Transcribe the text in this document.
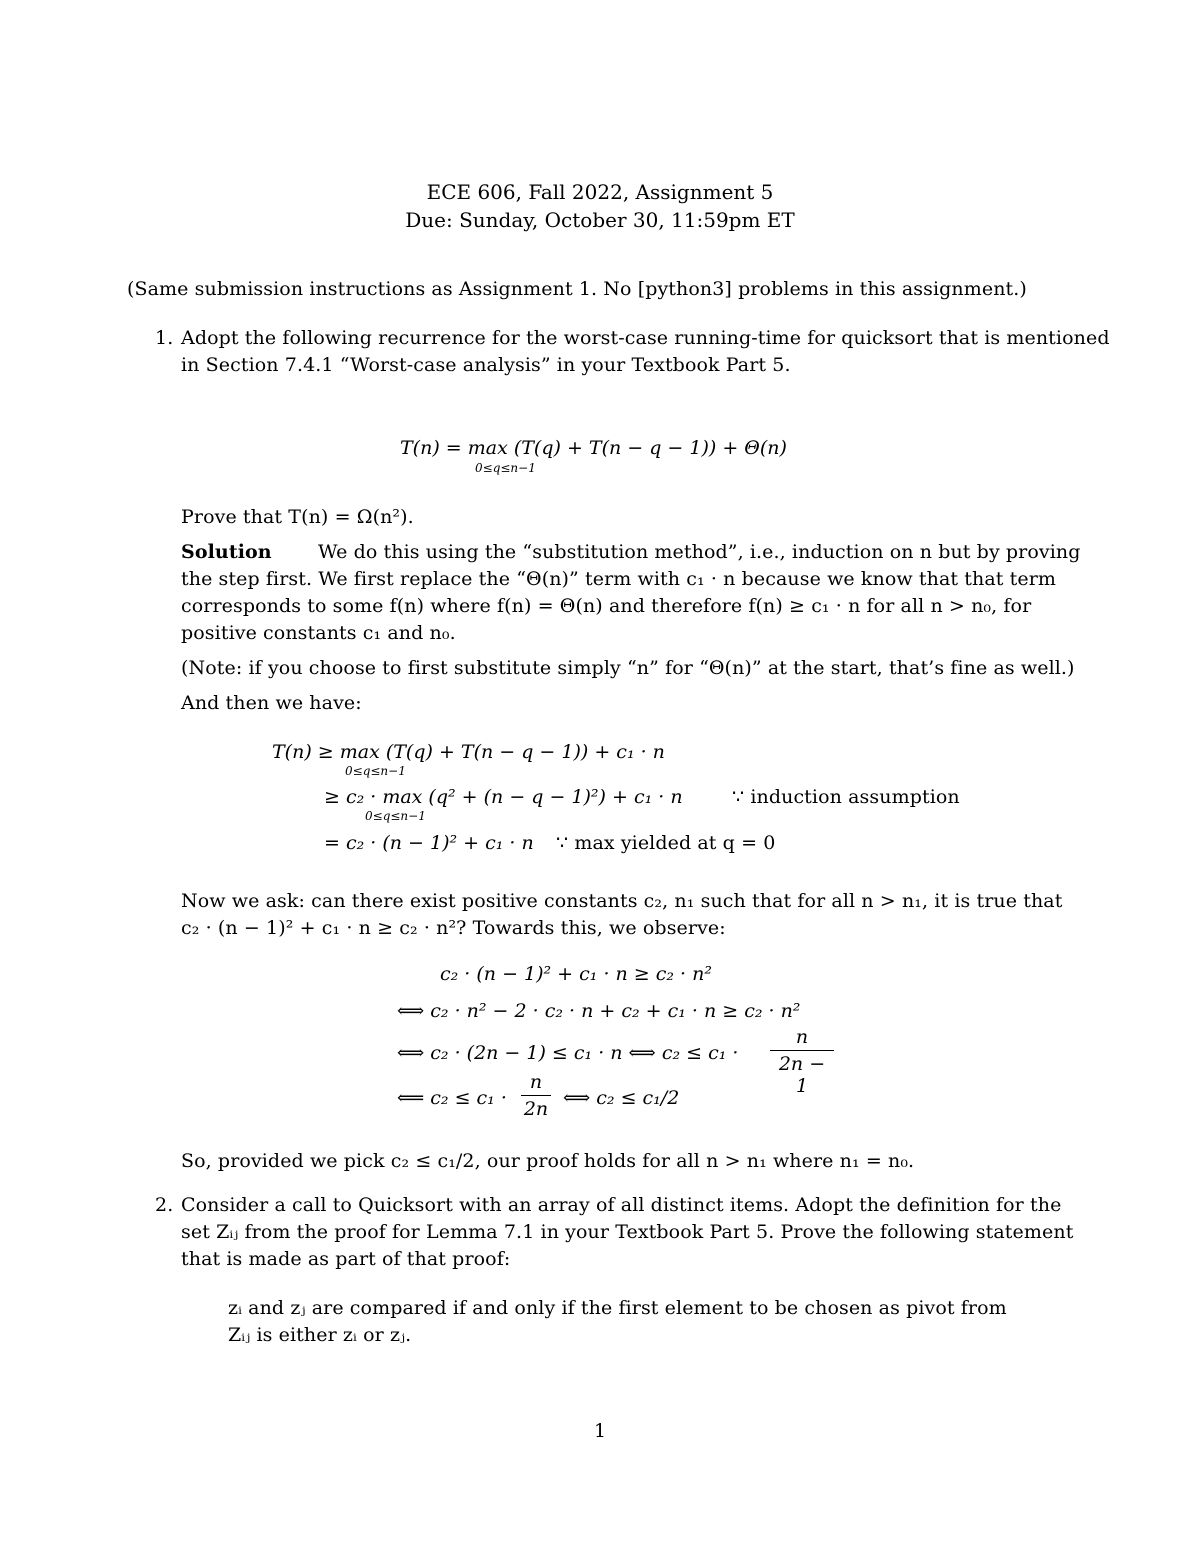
ECE 606, Fall 2022, Assignment 5
Due: Sunday, October 30, 11:59pm ET
(Same submission instructions as Assignment 1. No [python3] problems in this assignment.)
1. Adopt the following recurrence for the worst-case running-time for quicksort that is mentioned
in Section 7.4.1 “Worst-case analysis” in your Textbook Part 5.
T(n) = max (T(q) + T(n − q − 1)) + Θ(n)
0≤q≤n−1
Prove that T(n) = Ω(n²).
Solution We do this using the “substitution method”, i.e., induction on n but by proving
the step first. We first replace the “Θ(n)” term with c₁ · n because we know that that term
corresponds to some f(n) where f(n) = Θ(n) and therefore f(n) ≥ c₁ · n for all n > n₀, for
positive constants c₁ and n₀.
(Note: if you choose to first substitute simply “n” for “Θ(n)” at the start, that’s fine as well.)
And then we have:
T(n) ≥ max (T(q) + T(n − q − 1)) + c₁ · n
0≤q≤n−1
≥ c₂ · max (q² + (n − q − 1)²) + c₁ · n
0≤q≤n−1
∵ induction assumption
= c₂ · (n − 1)² + c₁ · n ∵ max yielded at q = 0
Now we ask: can there exist positive constants c₂, n₁ such that for all n > n₁, it is true that
c₂ · (n − 1)² + c₁ · n ≥ c₂ · n²? Towards this, we observe:
c₂ · (n − 1)² + c₁ · n ≥ c₂ · n²
⟺ c₂ · n² − 2 · c₂ · n + c₂ + c₁ · n ≥ c₂ · n²
⟺ c₂ · (2n − 1) ≤ c₁ · n ⟺ c₂ ≤ c₁ ·
n
2n − 1
⟸ c₂ ≤ c₁ ·
n
2n ⟺ c₂ ≤ c₁/2
So, provided we pick c₂ ≤ c₁/2, our proof holds for all n > n₁ where n₁ = n₀.
2. Consider a call to Quicksort with an array of all distinct items. Adopt the definition for the
set Zᵢⱼ from the proof for Lemma 7.1 in your Textbook Part 5. Prove the following statement
that is made as part of that proof:
zᵢ and zⱼ are compared if and only if the first element to be chosen as pivot from
Zᵢⱼ is either zᵢ or zⱼ.
1
